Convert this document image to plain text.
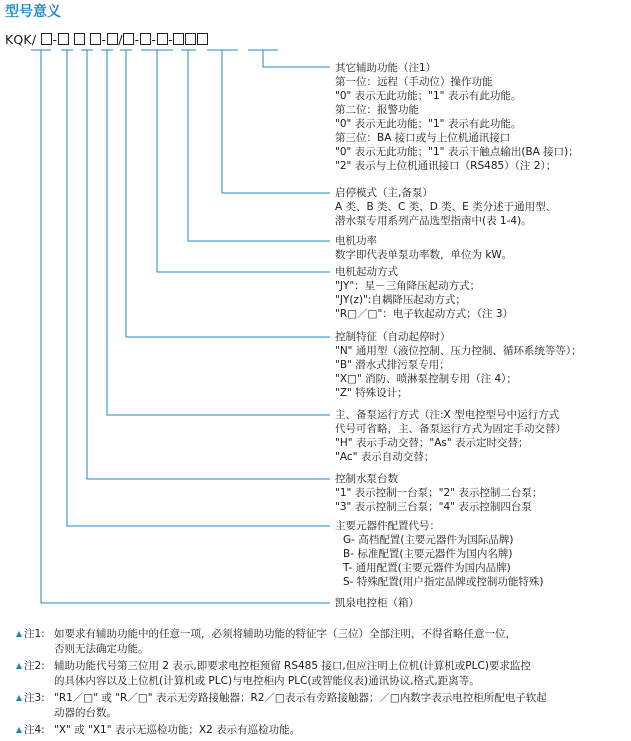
型号意义
KQK/ -	- / - - -
其它辅助功能（注1）
第一位：远程（手动位）操作功能
"0" 表示无此功能；"1" 表示有此功能。
第二位：报警功能
"0" 表示无此功能；"1" 表示有此功能。
第三位：BA 接口或与上位机通讯接口
"0" 表示无此功能；"1" 表示干触点输出(BA 接口)；
"2" 表示与上位机通讯接口（RS485）（注 2）；
启停模式（主,备泵）
A 类、B 类、C 类、D 类、E 类分述于通用型、
潜水泵专用系列产品选型指南中(表 1-4)。
电机功率
数字即代表单泵功率数，单位为 kW。
电机起动方式
"JY"：星－三角降压起动方式；
"JY(z)":自耦降压起动方式；
"R□／□"：电子软起动方式；（注 3）
控制特征（自动起停时）
"N" 通用型（液位控制、压力控制、循环系统等等）；
"B" 潜水式排污泵专用；
"X□" 消防、喷淋泵控制专用（注 4）；
"Z" 特殊设计；
主、备泵运行方式（注:X 型电控型号中运行方式
代号可省略，主、备泵运行方式为固定手动交替）
"H" 表示手动交替；"As" 表示定时交替；
"Ac" 表示自动交替；
控制水泵台数
"1" 表示控制一台泵；"2" 表示控制二台泵；
"3" 表示控制三台泵；"4" 表示控制四台泵
主要元器件配置代号：
G- 高档配置(主要元器件为国际品牌)
B- 标准配置(主要元器件为国内名牌)
T- 通用配置(主要元器件为国内品牌)
S- 特殊配置(用户指定品牌或控制功能特殊)
凯泉电控柜（箱）
注1: 如要求有辅助功能中的任意一项，必须将辅助功能的特征字（三位）全部注明，不得省略任意一位，
否则无法确定功能。
注2: 辅助功能代号第三位用 2 表示,即要求电控柜预留 RS485 接口,但应注明上位机(计算机或PLC)要求监控
的具体内容以及上位机(计算机或 PLC)与电控柜内 PLC(或智能仪表)通讯协议,格式,距离等。
注3: "R1／□" 或 "R／□" 表示无旁路接触器；R2／□表示有旁路接触器；／□内数字表示电控柜所配电子软起
动器的台数。
注4: "X" 或 "X1" 表示无巡检功能；X2 表示有巡检功能。
